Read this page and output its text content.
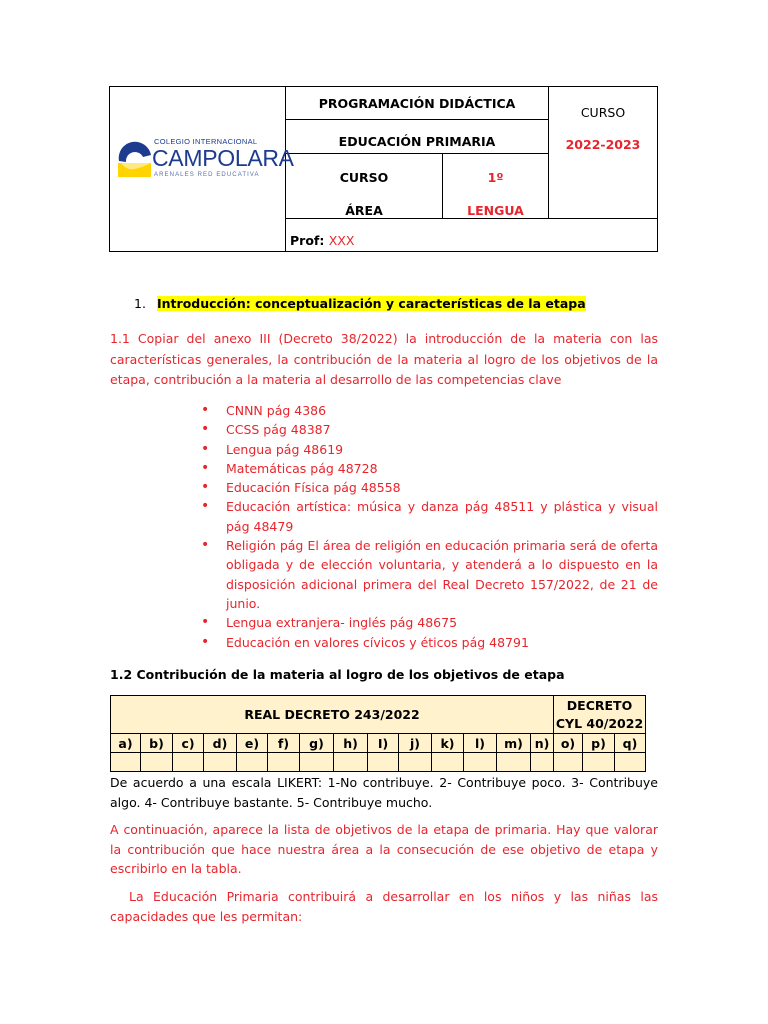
PROGRAMACIÓN DIDÁCTICA
EDUCACIÓN PRIMARIA
CURSO	1º
ÁREA	LENGUA
CURSO
2022-2023
Prof:
XXX
COLEGIO INTERNACIONAL
CAMPOLARA
ARENALES RED EDUCATIVA
1. Introducción: conceptualización y características de la etapa
1.1 Copiar del anexo III (Decreto 38/2022) la introducción de la materia con las características generales, la contribución de la materia al logro de los objetivos de la etapa, contribución a la materia al desarrollo de las competencias clave
• CNNN pág 4386
• CCSS pág 48387
• Lengua pág 48619
• Matemáticas pág 48728
• Educación Física pág 48558
• Educación artística: música y danza pág 48511 y plástica y visual pág 48479
• Religión pág El área de religión en educación primaria será de oferta obligada y de elección voluntaria, y atenderá a lo dispuesto en la disposición adicional primera del Real Decreto 157/2022, de 21 de junio.
• Lengua extranjera- inglés pág 48675
• Educación en valores cívicos y éticos pág 48791
1.2 Contribución de la materia al logro de los objetivos de etapa
REAL DECRETO 243/2022														DECRETO CYL 40/2022		
a)	b)	c)	d)	e)	f)	g)	h)	I)	j)	k)	l)	m)	n)	o)	p)	q)

De acuerdo a una escala LIKERT: 1-No contribuye. 2- Contribuye poco. 3- Contribuye algo. 4- Contribuye bastante. 5- Contribuye mucho.
A continuación, aparece la lista de objetivos de la etapa de primaria. Hay que valorar la contribución que hace nuestra área a la consecución de ese objetivo de etapa y escribirlo en la tabla.
La Educación Primaria contribuirá a desarrollar en los niños y las niñas las capacidades que les permitan:
